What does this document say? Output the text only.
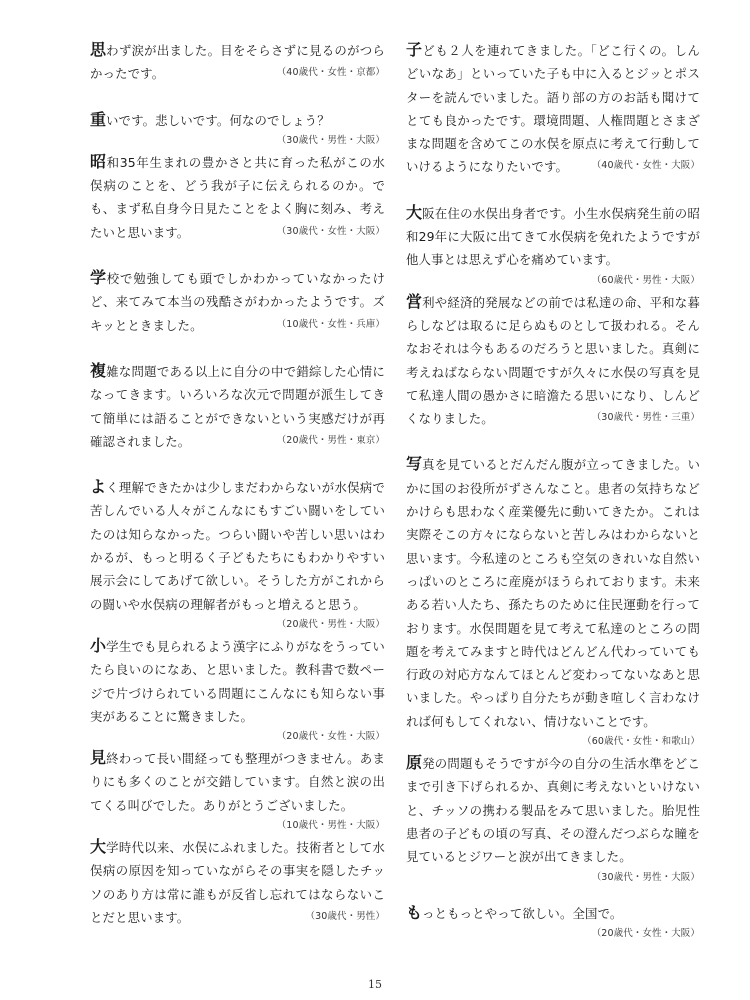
思わず涙が出ました。目をそらさずに見るのがつらかったです。	（40歳代・女性・京都）

重いです。悲しいです。何なのでしょう？

（30歳代・男性・大阪）

昭和35年生まれの豊かさと共に育った私がこの水俣病のことを、どう我が子に伝えられるのか。でも、まず私自身今日見たことをよく胸に刻み、考えたいと思います。	（30歳代・女性・大阪）

学校で勉強しても頭でしかわかっていなかったけど、来てみて本当の残酷さがわかったようです。ズキッとときました。	（10歳代・女性・兵庫）

複雑な問題である以上に自分の中で錯綜した心情になってきます。いろいろな次元で問題が派生してきて簡単には語ることができないという実感だけが再確認されました。	（20歳代・男性・東京）

よく理解できたかは少しまだわからないが水俣病で苦しんでいる人々がこんなにもすごい闘いをしていたのは知らなかった。つらい闘いや苦しい思いはわかるが、もっと明るく子どもたちにもわかりやすい展示会にしてあげて欲しい。そうした方がこれからの闘いや水俣病の理解者がもっと増えると思う。

（20歳代・男性・大阪）

小学生でも見られるよう漢字にふりがなをうっていたら良いのになあ、と思いました。教科書で数ページで片づけられている問題にこんなにも知らない事実があることに驚きました。

（20歳代・女性・大阪）

見終わって長い間経っても整理がつきません。あまりにも多くのことが交錯しています。自然と涙の出てくる叫びでした。ありがとうございました。

（10歳代・男性・大阪）

大学時代以来、水俣にふれました。技術者として水俣病の原因を知っていながらその事実を隠したチッソのあり方は常に誰もが反省し忘れてはならないことだと思います。	（30歳代・男性）

子ども２人を連れてきました。「どこ行くの。しんどいなあ」といっていた子も中に入るとジッとポスターを読んでいました。語り部の方のお話も聞けてとても良かったです。環境問題、人権問題とさまざまな問題を含めてこの水俣を原点に考えて行動していけるようになりたいです。 （40歳代・女性・大阪）

大阪在住の水俣出身者です。小生水俣病発生前の昭和29年に大阪に出てきて水俣病を免れたようですが他人事とは思えず心を痛めています。

（60歳代・男性・大阪）

営利や経済的発展などの前では私達の命、平和な暮らしなどは取るに足らぬものとして扱われる。そんなおそれは今もあるのだろうと思いました。真剣に考えねばならない問題ですが久々に水俣の写真を見て私達人間の愚かさに暗澹たる思いになり、しんどくなりました。	（30歳代・男性・三重）

写真を見ているとだんだん腹が立ってきました。いかに国のお役所がずさんなこと。患者の気持ちなどかけらも思わなく産業優先に動いてきたか。これは実際そこの方々にならないと苦しみはわからないと思います。今私達のところも空気のきれいな自然いっぱいのところに産廃がほうられております。未来ある若い人たち、孫たちのために住民運動を行っております。水俣問題を見て考えて私達のところの問題を考えてみますと時代はどんどん代わっていても行政の対応方なんてほとんど変わってないなあと思いました。やっぱり自分たちが動き喧しく言わなければ何もしてくれない、情けないことです。

（60歳代・女性・和歌山）

原発の問題もそうですが今の自分の生活水準をどこまで引き下げられるか、真剣に考えないといけないと、チッソの携わる製品をみて思いました。胎児性患者の子どもの頃の写真、その澄んだつぶらな瞳を見ているとジワーと涙が出てきました。

（30歳代・男性・大阪）

もっともっとやって欲しい。全国で。

（20歳代・女性・大阪）
15
